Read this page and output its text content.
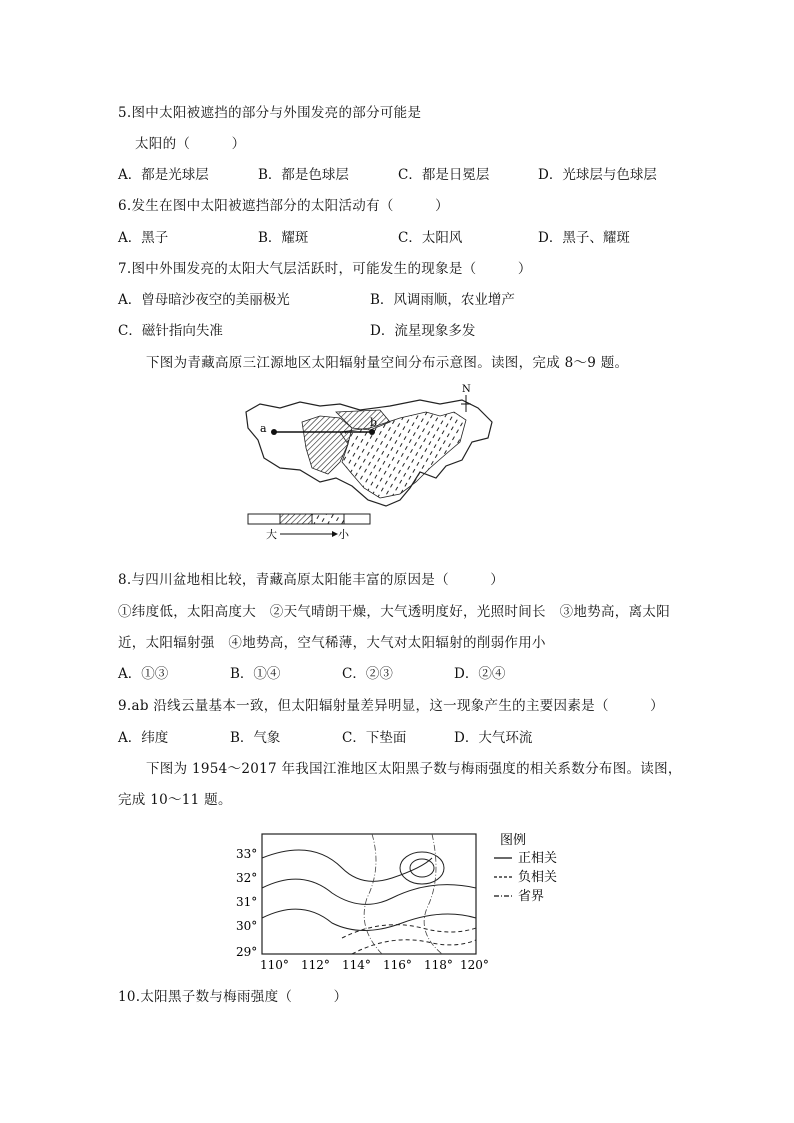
5.图中太阳被遮挡的部分与外围发亮的部分可能是
太阳的（　　　）
A．都是光球层	B．都是色球层	C．都是日冕层	D．光球层与色球层
6.发生在图中太阳被遮挡部分的太阳活动有（　　　）
A．黑子	B．耀斑	C．太阳风	D．黑子、耀斑
7.图中外围发亮的太阳大气层活跃时，可能发生的现象是（　　　）
A．曾母暗沙夜空的美丽极光	B．风调雨顺，农业增产
C．磁针指向失准	D．流星现象多发
下图为青藏高原三江源地区太阳辐射量空间分布示意图。读图，完成 8～9 题。
a	b
N
大	小
8.与四川盆地相比较，青藏高原太阳能丰富的原因是（　　　）
①纬度低，太阳高度大　②天气晴朗干燥，大气透明度好，光照时间长　③地势高，离太阳
近，太阳辐射强　④地势高，空气稀薄，大气对太阳辐射的削弱作用小
A．①③	B．①④	C．②③	D．②④
9.ab 沿线云量基本一致，但太阳辐射量差异明显，这一现象产生的主要因素是（　　　）
A．纬度	B．气象	C．下垫面	D．大气环流
下图为 1954～2017 年我国江淮地区太阳黑子数与梅雨强度的相关系数分布图。读图，
完成 10～11 题。
33°
32°
31°
30°
29°
110° 112° 114° 116° 118° 120°
图例
正相关
负相关
省界
10.太阳黑子数与梅雨强度（　　　）
